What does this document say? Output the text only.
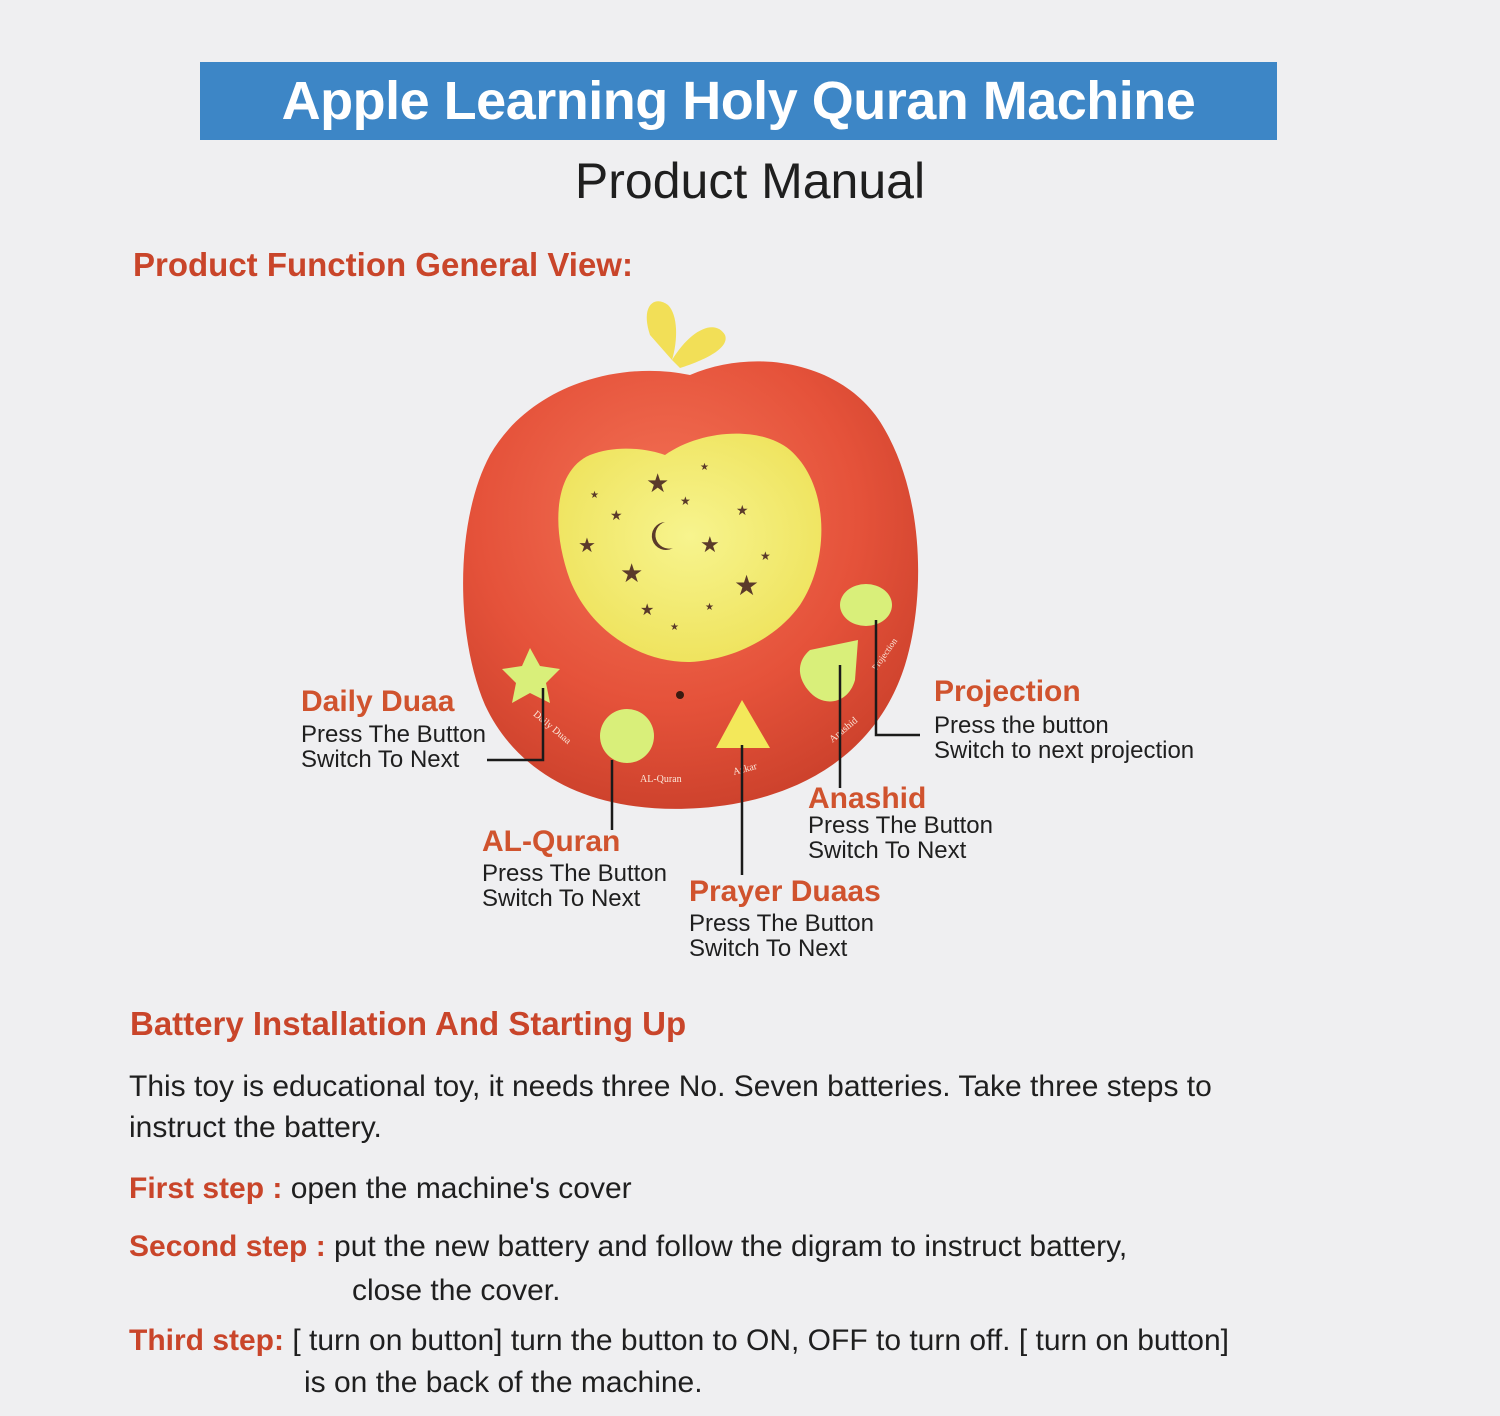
Apple Learning Holy Quran Machine
Product Manual
Product Function General View:
★
★
★	★
★
★	★
★
★
★
★
★
★
★
Daily Duaa
AL-Quran
Azkar
Anashid
Projection
Daily Duaa
Press The Button
Switch To Next
AL-Quran
Press The Button
Switch To Next Prayer Duaas
Press The Button
Switch To Next
Anashid
Press The Button
Switch To Next
Projection
Press the button
Switch to next projection
Battery Installation And Starting Up
This toy is educational toy, it needs three No. Seven batteries. Take three steps to
instruct the battery.
First step : open the machine's cover
Second step : put the new battery and follow the digram to instruct battery,
close the cover.
Third step: [ turn on button] turn the button to ON, OFF to turn off. [ turn on button]
is on the back of the machine.
